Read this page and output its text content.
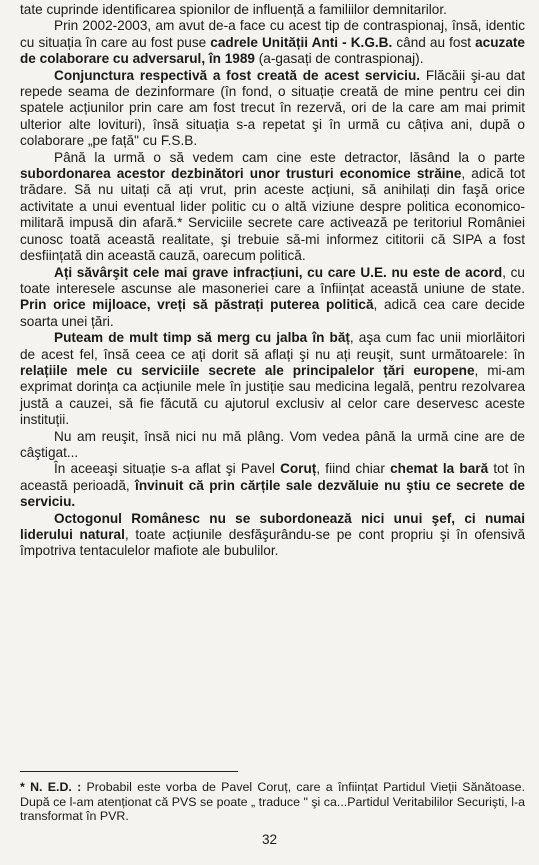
tate cuprinde identificarea spionilor de influență a familiilor demnitarilor.

Prin 2002-2003, am avut de-a face cu acest tip de contraspionaj, însă, identic cu situația în care au fost puse cadrele Unității Anti - K.G.B. când au fost acuzate de colaborare cu adversarul, în 1989 (a-gasați de contraspionaj).

Conjunctura respectivă a fost creată de acest serviciu. Flăcăii şi-au dat repede seama de dezinformare (în fond, o situație creată de mine pentru cei din spatele acțiunilor prin care am fost trecut în rezervă, ori de la care am mai primit ulterior alte lovituri), însă situația s-a repetat şi în urmă cu câțiva ani, după o colaborare „pe față" cu F.S.B.

Până la urmă o să vedem cam cine este detractor, lăsând la o parte subordonarea acestor dezbinători unor trusturi economice străine, adică tot trădare. Să nu uitați că ați vrut, prin aceste acțiuni, să anihilați din faşă orice activitate a unui eventual lider politic cu o altă viziune despre politica economico-militară impusă din afară.* Serviciile secrete care activează pe teritoriul României cunosc toată această realitate, şi trebuie să-mi informez cititorii că SIPA a fost desființată din această cauză, oarecum politică.

Ați săvârşit cele mai grave infracțiuni, cu care U.E. nu este de acord, cu toate interesele ascunse ale masoneriei care a înființat această uniune de state. Prin orice mijloace, vreți să păstrați puterea politică, adică cea care decide soarta unei țări.

Puteam de mult timp să merg cu jalba în băț, aşa cum fac unii miorlăitori de acest fel, însă ceea ce ați dorit să aflați şi nu ați reuşit, sunt următoarele: în relațiile mele cu serviciile secrete ale principalelor țări europene, mi-am exprimat dorința ca acțiunile mele în justiție sau medicina legală, pentru rezolvarea justă a cauzei, să fie făcută cu ajutorul exclusiv al celor care deservesc aceste instituții.

Nu am reuşit, însă nici nu mă plâng. Vom vedea până la urmă cine are de câştigat...

În aceeaşi situație s-a aflat şi Pavel Coruț, fiind chiar chemat la bară tot în această perioadă, învinuit că prin cărțile sale dezvăluie nu ştiu ce secrete de serviciu.

Octogonul Românesc nu se subordonează nici unui şef, ci numai liderului natural, toate acțiunile desfăşurându-se pe cont propriu şi în ofensivă împotriva tentaculelor mafiote ale bubulilor.

* N. E.D. : Probabil este vorba de Pavel Coruț, care a înființat Partidul Vieții Sănătoase. După ce l-am atenționat că PVS se poate „ traduce " şi ca...Partidul Veritabililor Securişti, l-a transformat în PVR.
32
